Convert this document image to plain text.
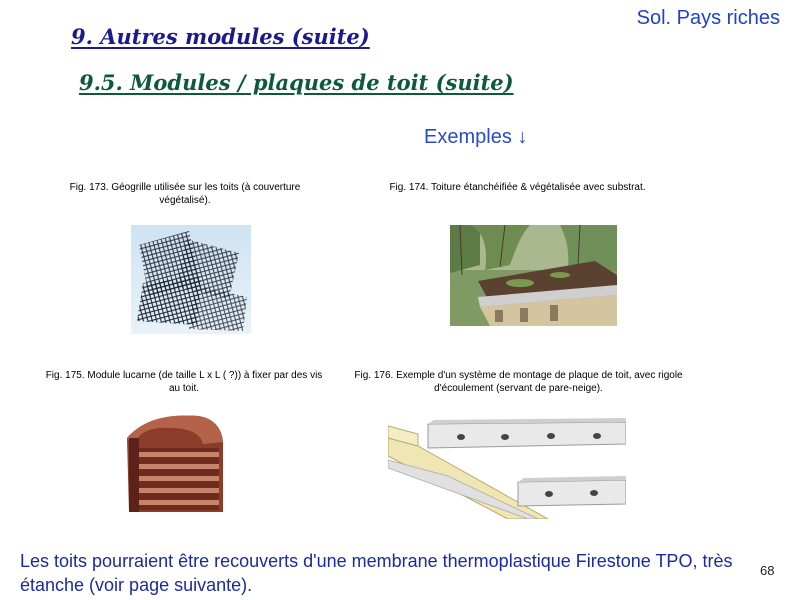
Sol. Pays riches
9. Autres modules (suite)
9.5. Modules / plaques de toit (suite)
Exemples ↓
Fig. 173. Géogrille utilisée sur les toits (à couverture végétalisé).
Fig. 174. Toiture étanchéifiée & végétalisée avec substrat.
Fig. 175. Module lucarne (de taille L x L ( ?)) à fixer par des vis au toit.
Fig. 176. Exemple d'un système de montage de plaque de toit, avec rigole d'écoulement (servant de pare-neige).
Les toits pourraient être recouverts d'une membrane thermoplastique Firestone TPO, très étanche (voir page suivante).
68
